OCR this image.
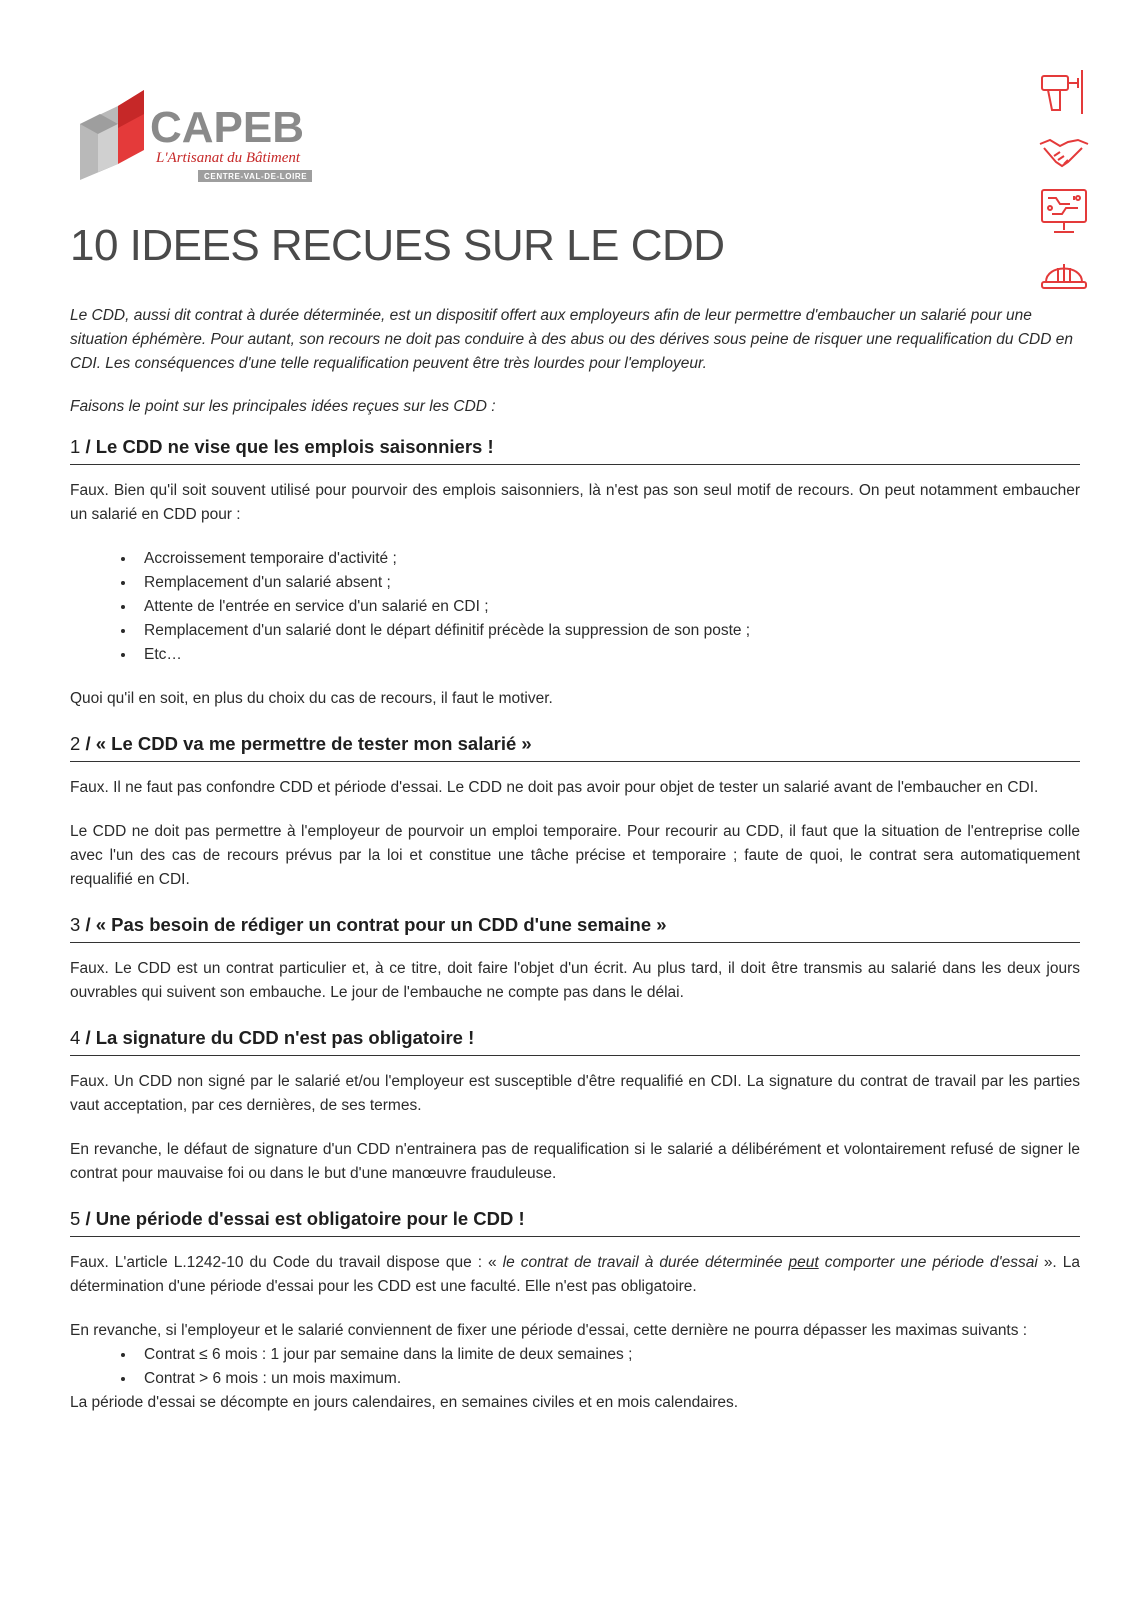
CAPEB
L'Artisanat du Bâtiment
CENTRE-VAL-DE-LOIRE
10 IDEES RECUES SUR LE CDD

Le CDD, aussi dit contrat à durée déterminée, est un dispositif offert aux employeurs afin de leur permettre d'embaucher un salarié pour une situation éphémère. Pour autant, son recours ne doit pas conduire à des abus ou des dérives sous peine de risquer une requalification du CDD en CDI. Les conséquences d'une telle requalification peuvent être très lourdes pour l'employeur.

Faisons le point sur les principales idées reçues sur les CDD :

1 / Le CDD ne vise que les emplois saisonniers !

Faux. Bien qu'il soit souvent utilisé pour pourvoir des emplois saisonniers, là n'est pas son seul motif de recours. On peut notamment embaucher un salarié en CDD pour :

• Accroissement temporaire d'activité ;
• Remplacement d'un salarié absent ;
• Attente de l'entrée en service d'un salarié en CDI ;
• Remplacement d'un salarié dont le départ définitif précède la suppression de son poste ;
• Etc…

Quoi qu'il en soit, en plus du choix du cas de recours, il faut le motiver.

2 / « Le CDD va me permettre de tester mon salarié »

Faux. Il ne faut pas confondre CDD et période d'essai. Le CDD ne doit pas avoir pour objet de tester un salarié avant de l'embaucher en CDI.

Le CDD ne doit pas permettre à l'employeur de pourvoir un emploi temporaire. Pour recourir au CDD, il faut que la situation de l'entreprise colle avec l'un des cas de recours prévus par la loi et constitue une tâche précise et temporaire ; faute de quoi, le contrat sera automatiquement requalifié en CDI.

3 / « Pas besoin de rédiger un contrat pour un CDD d'une semaine »

Faux. Le CDD est un contrat particulier et, à ce titre, doit faire l'objet d'un écrit. Au plus tard, il doit être transmis au salarié dans les deux jours ouvrables qui suivent son embauche. Le jour de l'embauche ne compte pas dans le délai.

4 / La signature du CDD n'est pas obligatoire !

Faux. Un CDD non signé par le salarié et/ou l'employeur est susceptible d'être requalifié en CDI. La signature du contrat de travail par les parties vaut acceptation, par ces dernières, de ses termes.

En revanche, le défaut de signature d'un CDD n'entrainera pas de requalification si le salarié a délibérément et volontairement refusé de signer le contrat pour mauvaise foi ou dans le but d'une manœuvre frauduleuse.

5 / Une période d'essai est obligatoire pour le CDD !

Faux. L'article L.1242-10 du Code du travail dispose que : « le contrat de travail à durée déterminée peut comporter une période d'essai ». La détermination d'une période d'essai pour les CDD est une faculté. Elle n'est pas obligatoire.

En revanche, si l'employeur et le salarié conviennent de fixer une période d'essai, cette dernière ne pourra dépasser les maximas suivants :

• Contrat ≤ 6 mois : 1 jour par semaine dans la limite de deux semaines ;
• Contrat > 6 mois : un mois maximum.

La période d'essai se décompte en jours calendaires, en semaines civiles et en mois calendaires.
